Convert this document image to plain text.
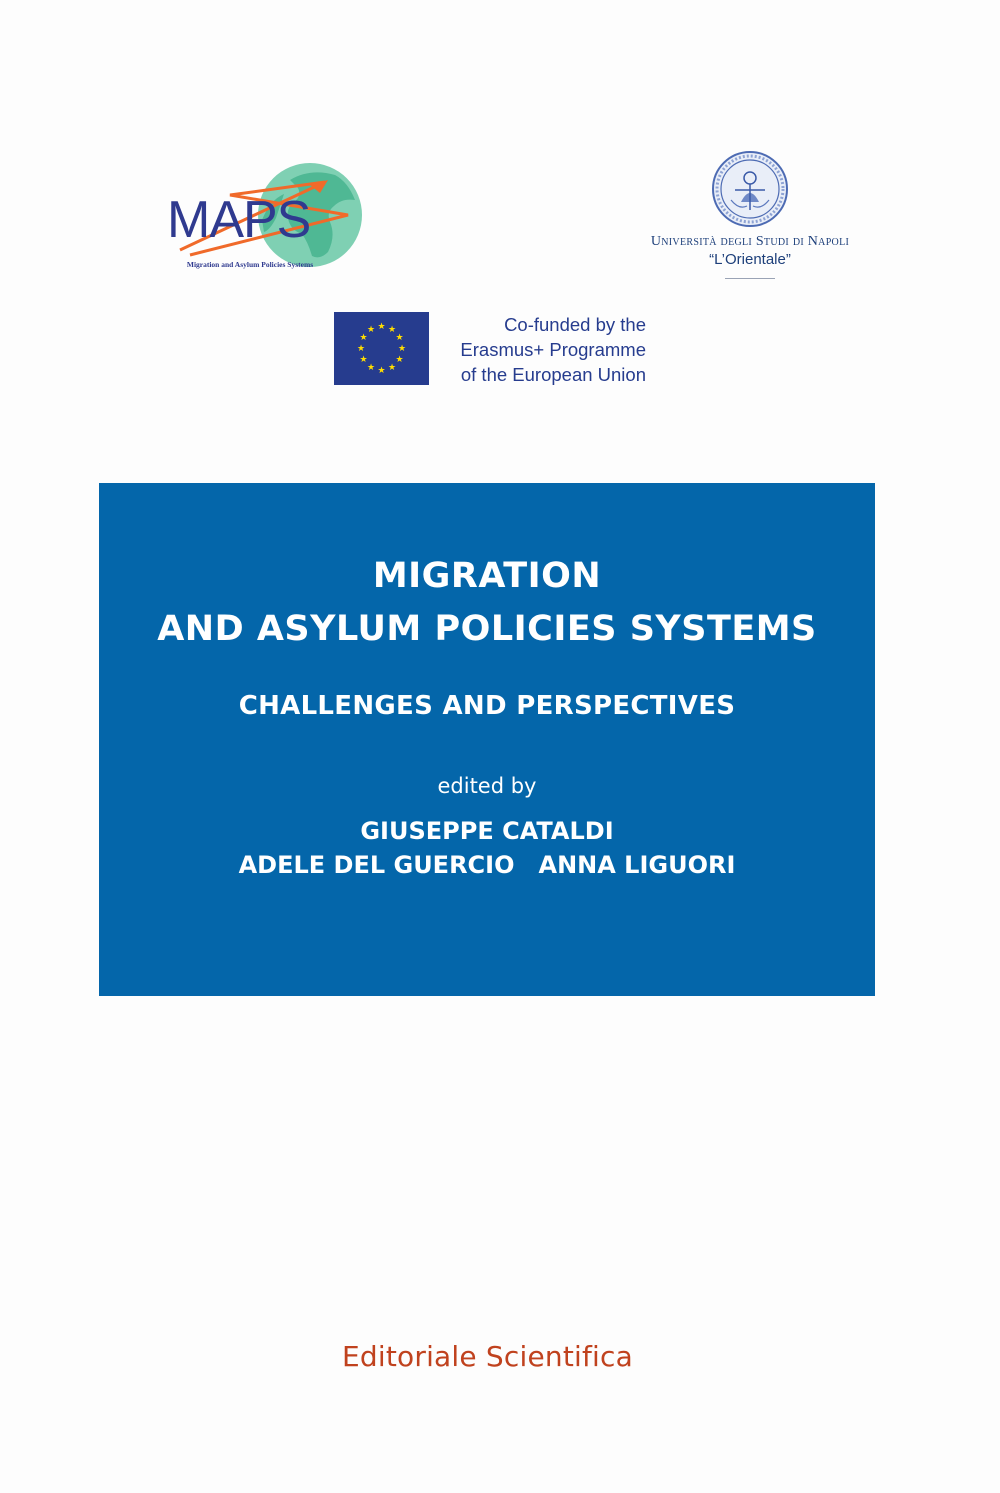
MAPS
Migration and Asylum Policies Systems
Università degli Studi di Napoli
“L’Orientale”
★ ★
★
★
★
★
★
★
★
★
★
★	Co-funded by the
Erasmus+ Programme
of the European Union
MIGRATION
AND ASYLUM POLICIES SYSTEMS
CHALLENGES AND PERSPECTIVES
edited by
GIUSEPPE CATALDI
ADELE DEL GUERCIO ANNA LIGUORI
Editoriale Scientifica
